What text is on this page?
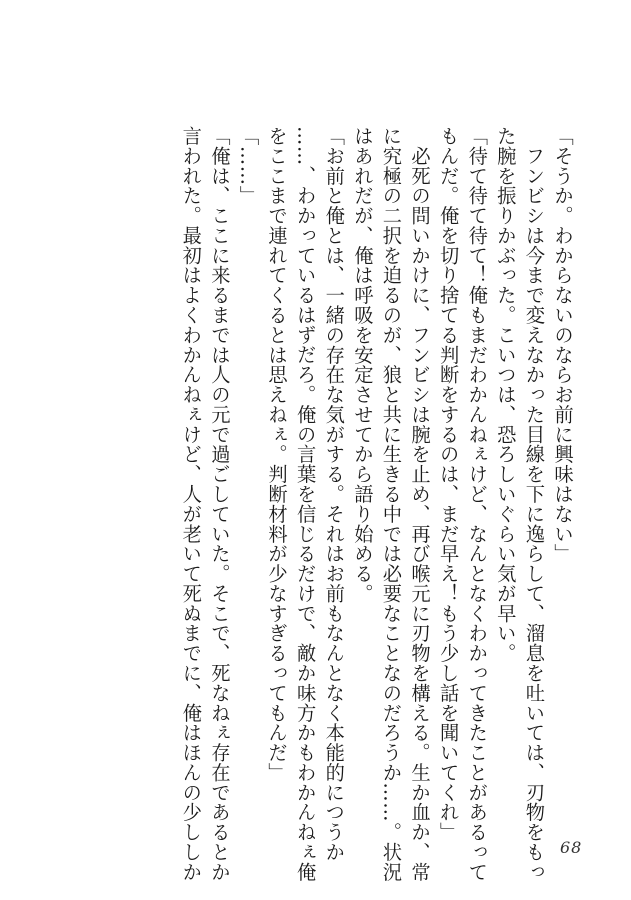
「そうか。わからないのならお前に興味はない」
　フンビシは今まで変えなかった目線を下に逸らして、溜息を吐いては、刃物をもっ
た腕を振りかぶった。こいつは、恐ろしいぐらい気が早い。
「待て待て待て！俺もまだわかんねぇけど、なんとなくわかってきたことがあるって
もんだ。俺を切り捨てる判断をするのは、まだ早え！もう少し話を聞いてくれ」
　必死の問いかけに、フンビシは腕を止め、再び喉元に刃物を構える。生か血か、常
に究極の二択を迫るのが、狼と共に生きる中では必要なことなのだろうか……。状況
はあれだが、俺は呼吸を安定させてから語り始める。
「お前と俺とは、一緒の存在な気がする。それはお前もなんとなく本能的につうか
……、わかっているはずだろ。俺の言葉を信じるだけで、敵か味方かもわかんねぇ俺
をここまで連れてくるとは思えねぇ。判断材料が少なすぎるってもんだ」
「……」
「俺は、ここに来るまでは人の元で過ごしていた。そこで、死なねぇ存在であるとか
言われた。最初はよくわかんねぇけど、人が老いて死ぬまでに、俺はほんの少ししか	68
